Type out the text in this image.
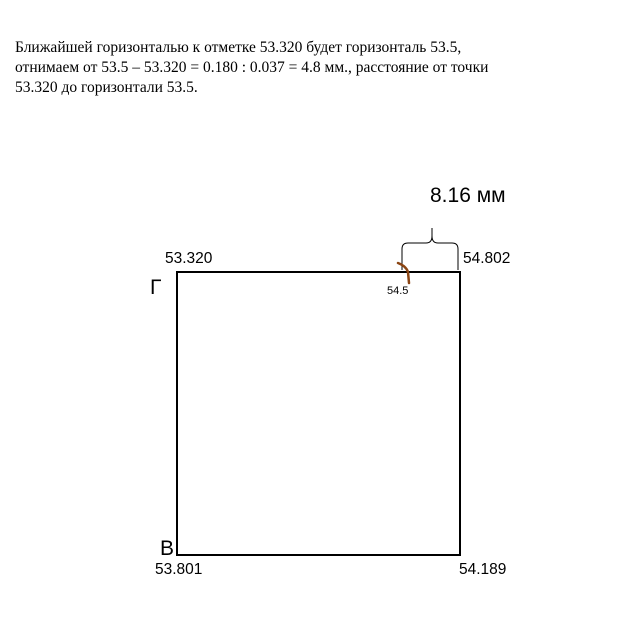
Ближайшей горизонталью к отметке 53.320 будет горизонталь 53.5,
отнимаем от 53.5 – 53.320 = 0.180 : 0.037 = 4.8 мм., расстояние от точки
53.320 до горизонтали 53.5.
8.16 мм
54.5
53.320	54.802
Г
В
53.801	54.189
